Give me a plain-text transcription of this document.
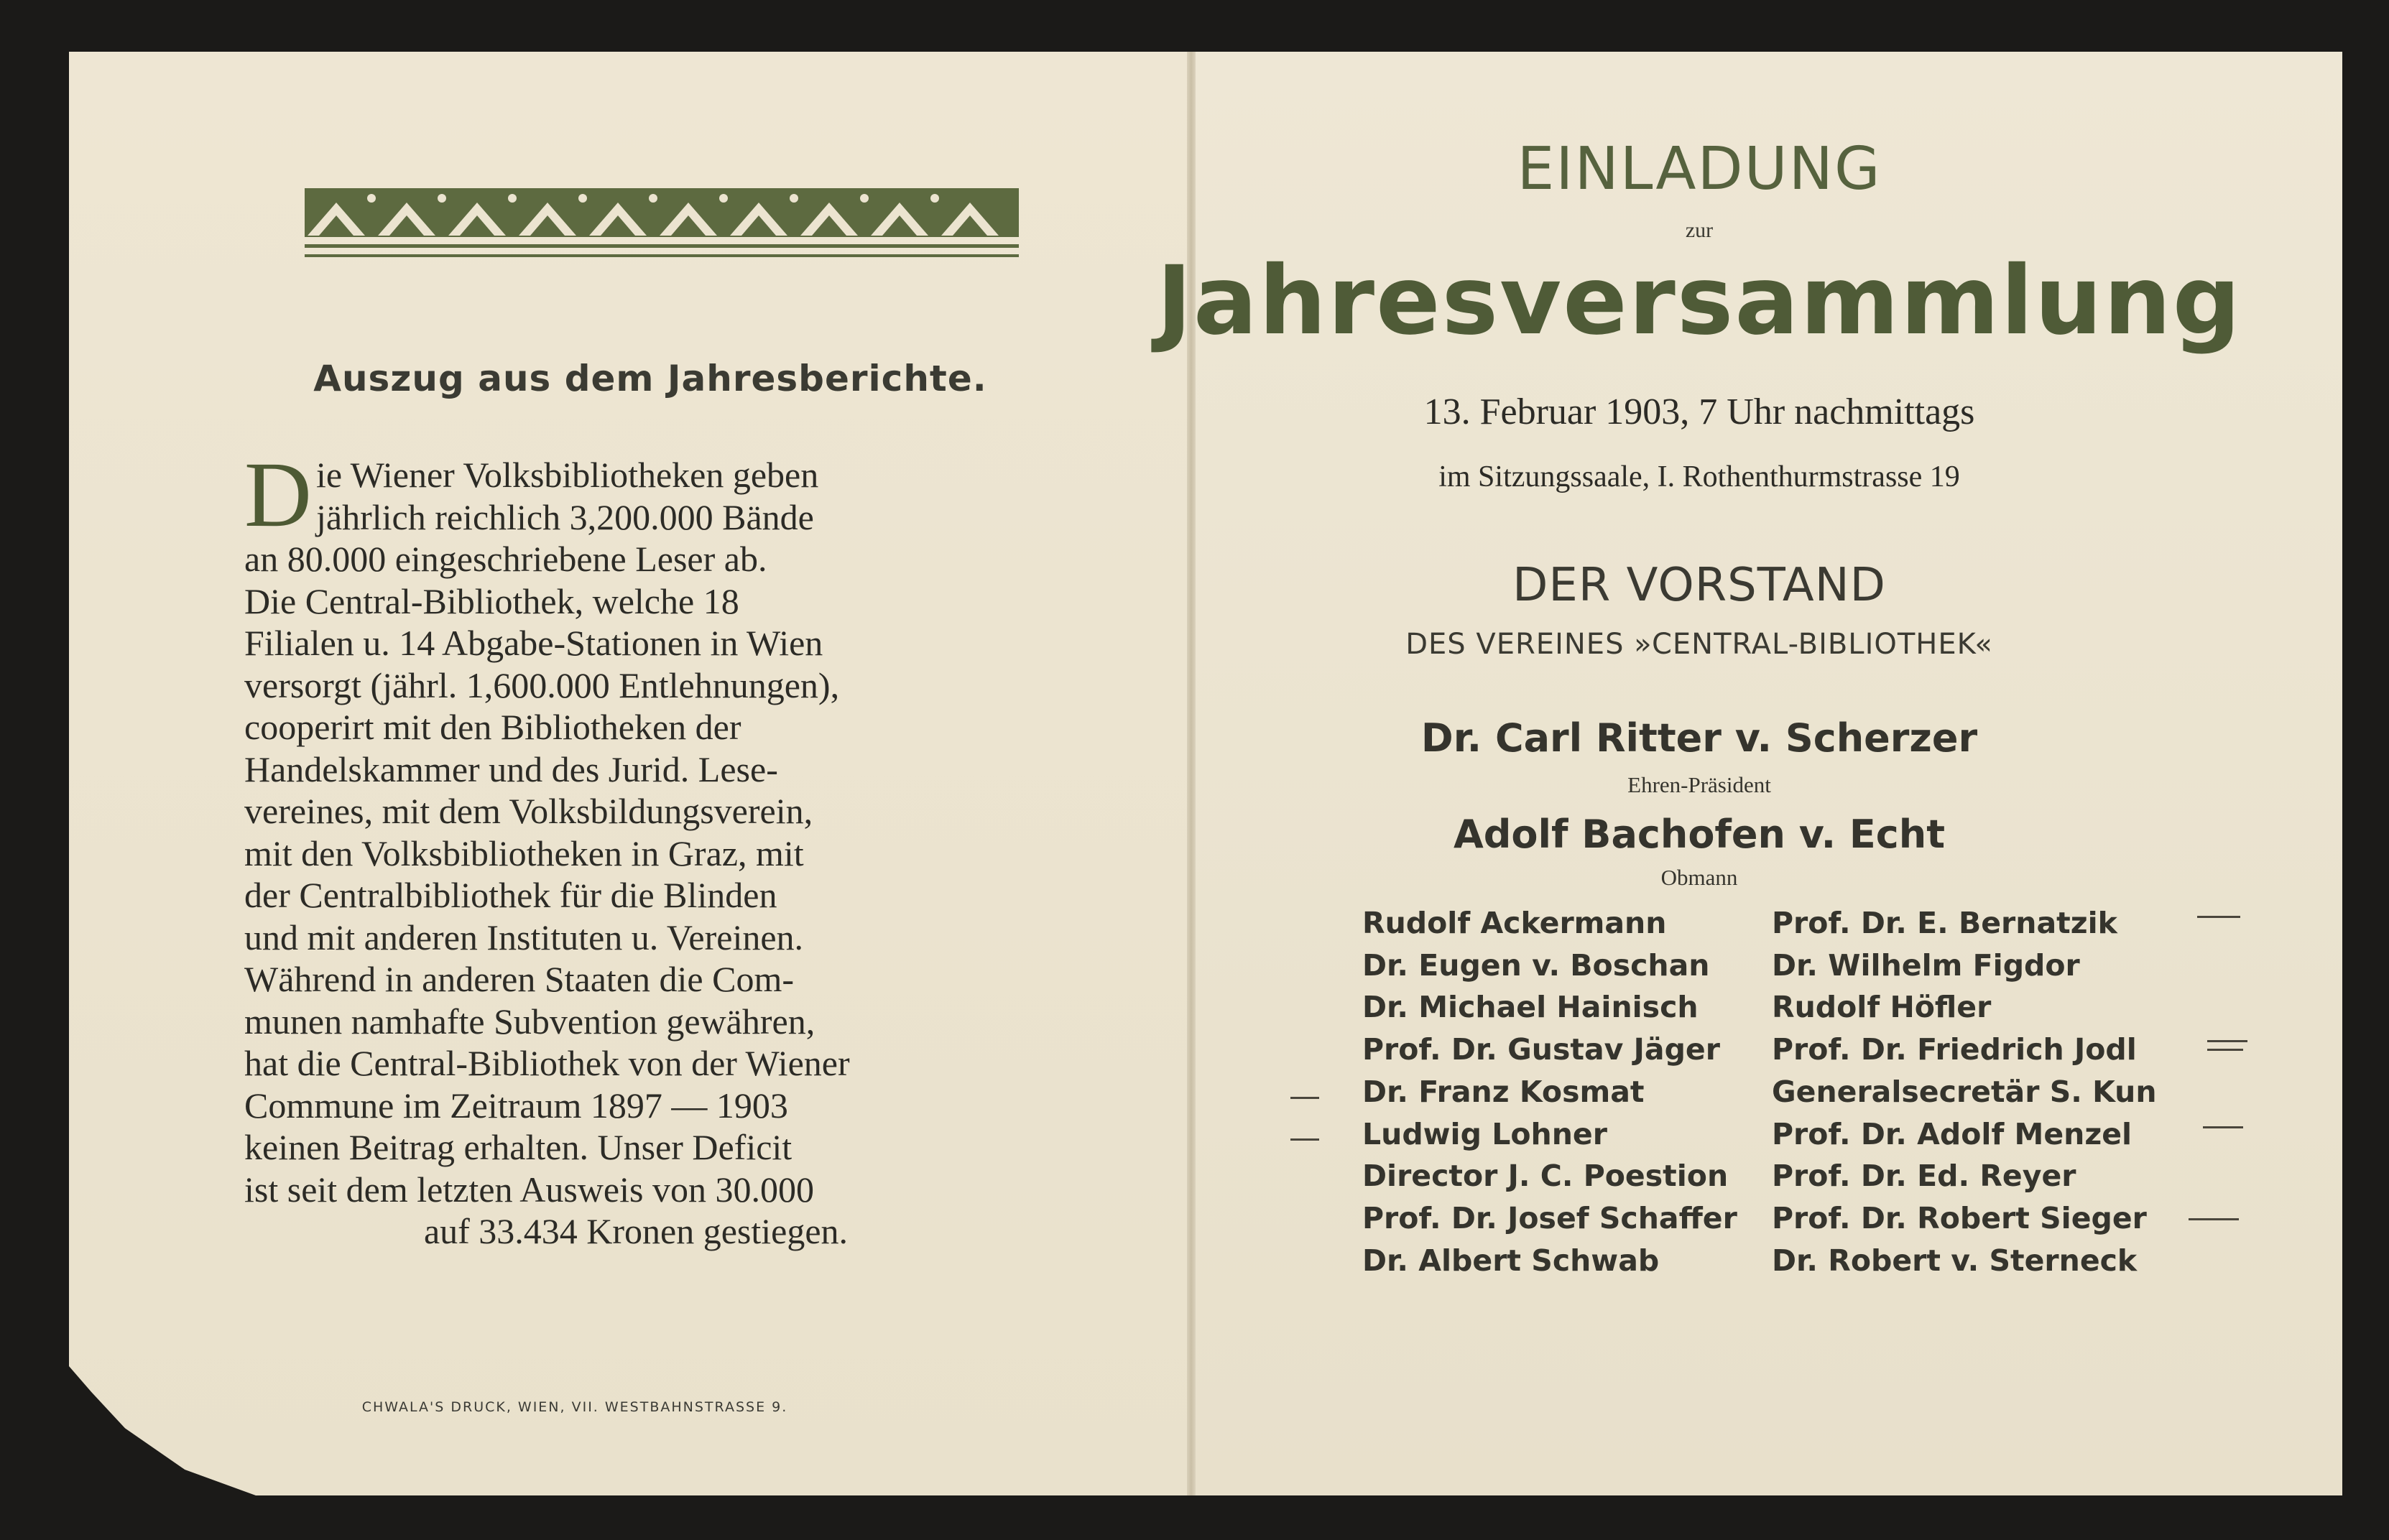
Auszug aus dem Jahresberichte.
D ie Wiener Volksbibliotheken geben
jährlich reichlich 3,200.000 Bände
an 80.000 eingeschriebene Leser ab.
Die Central-Bibliothek, welche 18
Filialen u. 14 Abgabe-Stationen in Wien
versorgt (jährl. 1,600.000 Entlehnungen),
cooperirt mit den Bibliotheken der
Handelskammer und des Jurid. Lese-
vereines, mit dem Volksbildungsverein,
mit den Volksbibliotheken in Graz, mit
der Centralbibliothek für die Blinden
und mit anderen Instituten u. Vereinen.
Während in anderen Staaten die Com-
munen namhafte Subvention gewähren,
hat die Central-Bibliothek von der Wiener
Commune im Zeitraum 1897 — 1903
keinen Beitrag erhalten. Unser Deficit
ist seit dem letzten Ausweis von 30.000
auf 33.434 Kronen gestiegen.
CHWALA'S DRUCK, WIEN, VII. WESTBAHNSTRASSE 9.
EINLADUNG
zur
Jahresversammlung
13. Februar 1903, 7 Uhr nachmittags
im Sitzungssaale, I. Rothenthurmstrasse 19
DER VORSTAND
DES VEREINES »CENTRAL-BIBLIOTHEK«
Dr. Carl Ritter v. Scherzer
Ehren-Präsident
Adolf Bachofen v. Echt
Obmann
Rudolf Ackermann	Prof. Dr. E. Bernatzik
Dr. Eugen v. Boschan	Dr. Wilhelm Figdor
Dr. Michael Hainisch	Rudolf Höfler
Prof. Dr. Gustav Jäger	Prof. Dr. Friedrich Jodl
Dr. Franz Kosmat	Generalsecretär S. Kun
Ludwig Lohner	Prof. Dr. Adolf Menzel
Director J. C. Poestion	Prof. Dr. Ed. Reyer
Prof. Dr. Josef Schaffer	Prof. Dr. Robert Sieger
Dr. Albert Schwab	Dr. Robert v. Sterneck
